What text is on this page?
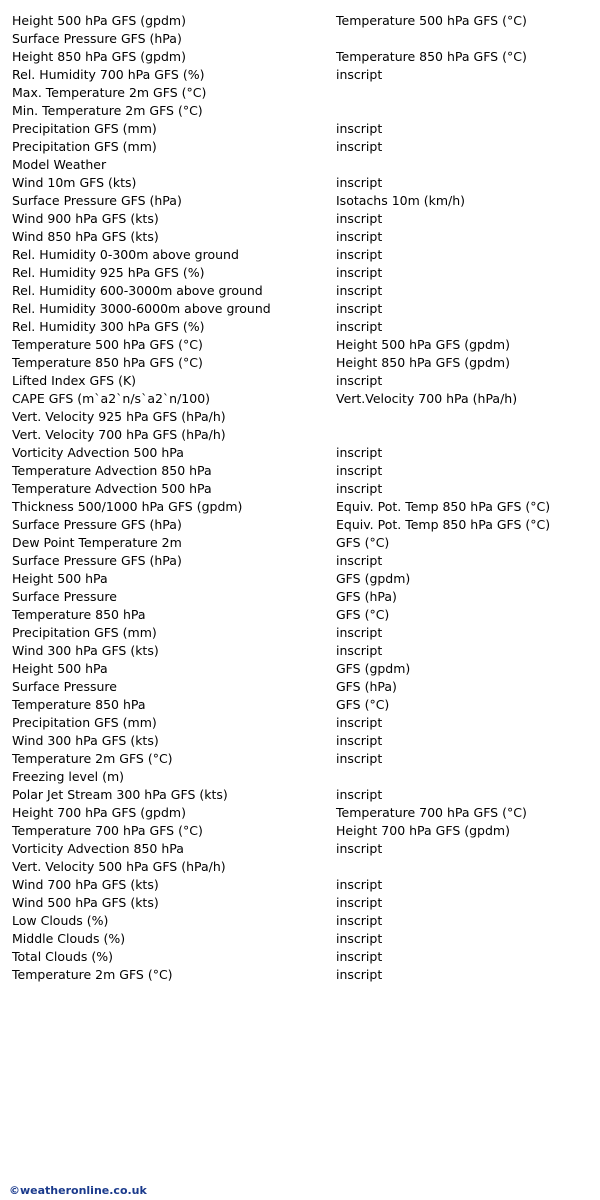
Height 500 hPa GFS (gpdm)	Temperature 500 hPa GFS (°C)
Surface Pressure GFS (hPa)
Height 850 hPa GFS (gpdm)	Temperature 850 hPa GFS (°C)
Rel. Humidity 700 hPa GFS (%)	inscript
Max. Temperature 2m GFS (°C)
Min. Temperature 2m GFS (°C)
Precipitation GFS (mm)	inscript
Precipitation GFS (mm)	inscript
Model Weather
Wind 10m GFS (kts)	inscript
Surface Pressure GFS (hPa)	Isotachs 10m (km/h)
Wind 900 hPa GFS (kts)	inscript
Wind 850 hPa GFS (kts)	inscript
Rel. Humidity 0-300m above ground	inscript
Rel. Humidity 925 hPa GFS (%)	inscript
Rel. Humidity 600-3000m above ground	inscript
Rel. Humidity 3000-6000m above ground	inscript
Rel. Humidity 300 hPa GFS (%)	inscript
Temperature 500 hPa GFS (°C)	Height 500 hPa GFS (gpdm)
Temperature 850 hPa GFS (°C)	Height 850 hPa GFS (gpdm)
Lifted Index GFS (K)	inscript
CAPE GFS (m`a2`n/s`a2`n/100)	Vert.Velocity 700 hPa (hPa/h)
Vert. Velocity 925 hPa GFS (hPa/h)
Vert. Velocity 700 hPa GFS (hPa/h)
Vorticity Advection 500 hPa	inscript
Temperature Advection 850 hPa	inscript
Temperature Advection 500 hPa	inscript
Thickness 500/1000 hPa GFS (gpdm)	Equiv. Pot. Temp 850 hPa GFS (°C)
Surface Pressure GFS (hPa)	Equiv. Pot. Temp 850 hPa GFS (°C)
Dew Point Temperature 2m	GFS (°C)
Surface Pressure GFS (hPa)	inscript
Height 500 hPa	GFS (gpdm)
Surface Pressure	GFS (hPa)
Temperature 850 hPa	GFS (°C)
Precipitation GFS (mm)	inscript
Wind 300 hPa GFS (kts)	inscript
Height 500 hPa	GFS (gpdm)
Surface Pressure	GFS (hPa)
Temperature 850 hPa	GFS (°C)
Precipitation GFS (mm)	inscript
Wind 300 hPa GFS (kts)	inscript
Temperature 2m GFS (°C)	inscript
Freezing level (m)
Polar Jet Stream 300 hPa GFS (kts)	inscript
Height 700 hPa GFS (gpdm)	Temperature 700 hPa GFS (°C)
Temperature 700 hPa GFS (°C)	Height 700 hPa GFS (gpdm)
Vorticity Advection 850 hPa	inscript
Vert. Velocity 500 hPa GFS (hPa/h)
Wind 700 hPa GFS (kts)	inscript
Wind 500 hPa GFS (kts)	inscript
Low Clouds (%)	inscript
Middle Clouds (%)	inscript
Total Clouds (%)	inscript
Temperature 2m GFS (°C)	inscript
©weatheronline.co.uk
